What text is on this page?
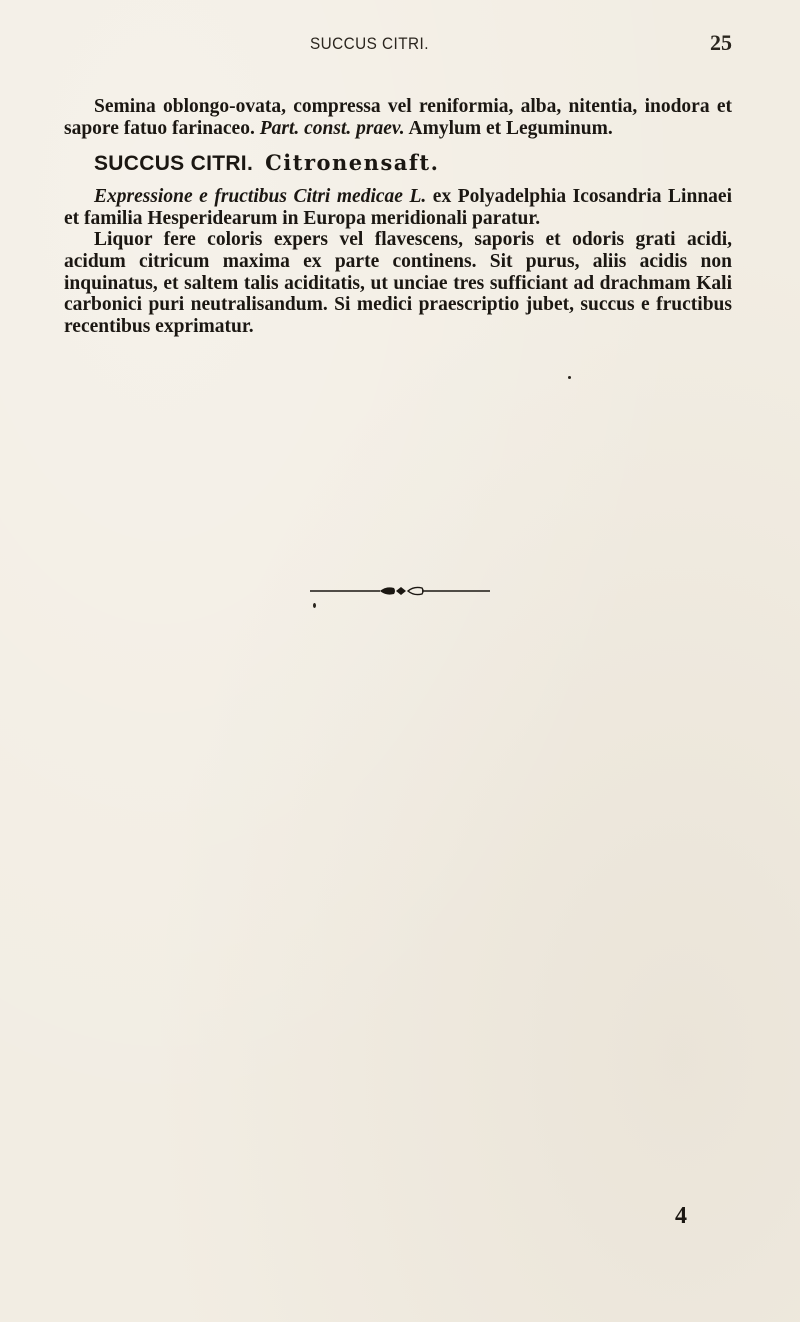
SUCCUS CITRI.	25

Semina oblongo-ovata, compressa vel reniformia, alba, nitentia, inodora et sapore fatuo farinaceo. Part. const. praev. Amylum et Leguminum.

SUCCUS CITRI. Citronensaft.

Expressione e fructibus Citri medicae L. ex Polyadelphia Icosandria Linnaei et familia Hesperidearum in Europa meridionali paratur.

Liquor fere coloris expers vel flavescens, saporis et odoris grati acidi, acidum citricum maxima ex parte continens. Sit purus, aliis acidis non inquinatus, et saltem talis aciditatis, ut unciae tres sufficiant ad drachmam Kali carbonici puri neutralisandum. Si medici praescriptio jubet, succus e fructibus recentibus exprimatur.

4
